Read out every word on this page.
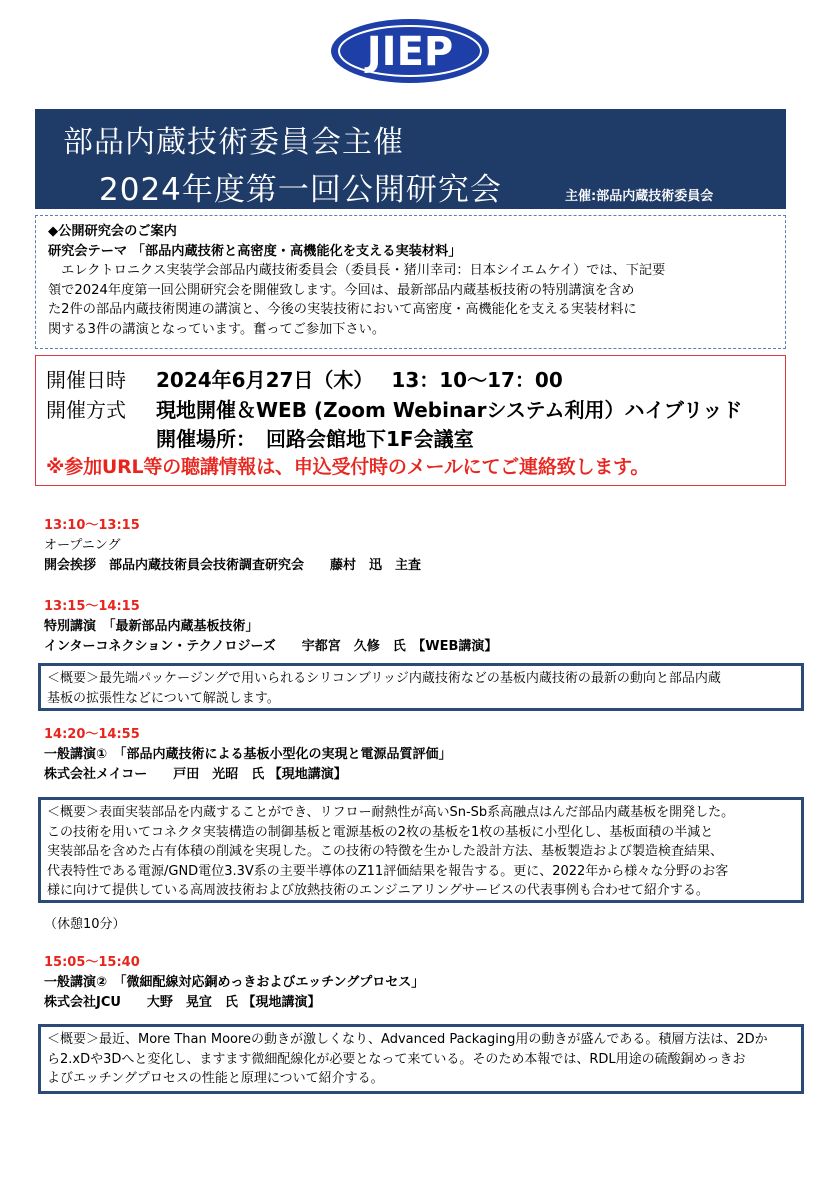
JIEP
部品内蔵技術委員会主催
2024年度第一回公開研究会	主催:部品内蔵技術委員会
◆公開研究会のご案内
研究会テーマ 「部品内蔵技術と高密度・高機能化を支える実装材料」

　エレクトロニクス実装学会部品内蔵技術委員会（委員長・猪川幸司：日本シイエムケイ）では、下記要

領で2024年度第一回公開研究会を開催致します。今回は、最新部品内蔵基板技術の特別講演を含め

た2件の部品内蔵技術関連の講演と、今後の実装技術において高密度・高機能化を支える実装材料に

関する3件の講演となっています。奮ってご参加下さい。

開催日時 2024年6月27日（木） 13：10〜17：00
開催方式 現地開催＆WEB (Zoom Webinarシステム利用）ハイブリッド
開催場所：　回路会館地下1F会議室
※参加URL等の聴講情報は、申込受付時のメールにてご連絡致します。
13:10〜13:15
オープニング
開会挨拶　部品内蔵技術員会技術調査研究会　　藤村　迅　主査
13:15〜14:15
特別講演　「最新部品内蔵基板技術」
インターコネクション・テクノロジーズ　　宇都宮　久修　氏　【WEB講演】

＜概要＞最先端パッケージングで用いられるシリコンブリッジ内蔵技術などの基板内蔵技術の最新の動向と部品内蔵

基板の拡張性などについて解説します。

14:20〜14:55
一般講演①　「部品内蔵技術による基板小型化の実現と電源品質評価」
株式会社メイコー　　戸田　光昭　氏 【現地講演】

＜概要＞表面実装部品を内蔵することができ、リフロー耐熱性が高いSn-Sb系高融点はんだ部品内蔵基板を開発した。

この技術を用いてコネクタ実装構造の制御基板と電源基板の2枚の基板を1枚の基板に小型化し、基板面積の半減と

実装部品を含めた占有体積の削減を実現した。この技術の特徴を生かした設計方法、基板製造および製造検査結果、

代表特性である電源/GND電位3.3V系の主要半導体のZ11評価結果を報告する。更に、2022年から様々な分野のお客

様に向けて提供している高周波技術および放熱技術のエンジニアリングサービスの代表事例も合わせて紹介する。

（休憩10分）
15:05〜15:40
一般講演②　「微細配線対応銅めっきおよびエッチングプロセス」
株式会社JCU　　大野　晃宜　氏 【現地講演】

＜概要＞最近、More Than Mooreの動きが激しくなり、Advanced Packaging用の動きが盛んである。積層方法は、2Dか

ら2.xDや3Dへと変化し、ますます微細配線化が必要となって来ている。そのため本報では、RDL用途の硫酸銅めっきお

よびエッチングプロセスの性能と原理について紹介する。
